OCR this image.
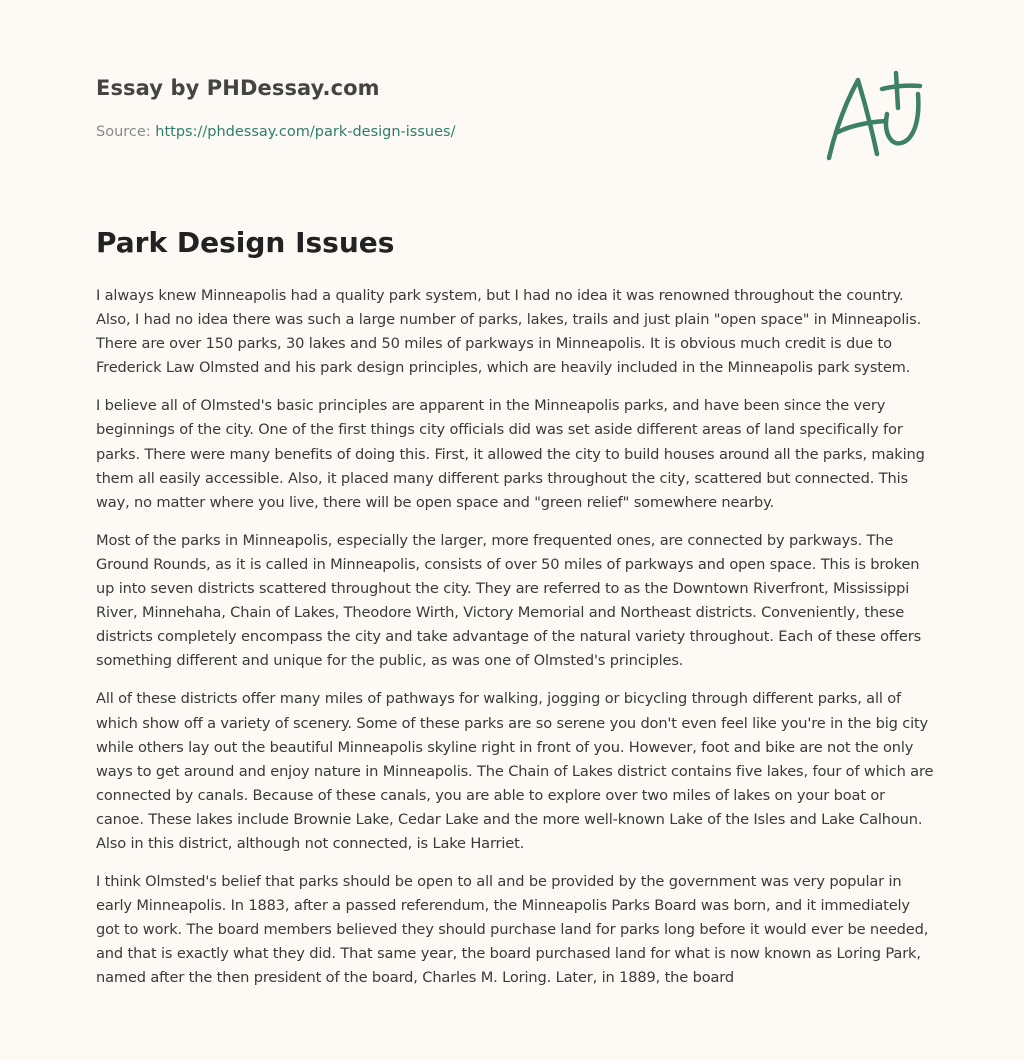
Essay by PHDessay.com
Source: https://phdessay.com/park-design-issues/
Park Design Issues

I always knew Minneapolis had a quality park system, but I had no idea it was renowned throughout the country. Also, I had no idea there was such a large number of parks, lakes, trails and just plain "open space" in Minneapolis. There are over 150 parks, 30 lakes and 50 miles of parkways in Minneapolis. It is obvious much credit is due to Frederick Law Olmsted and his park design principles, which are heavily included in the Minneapolis park system.

I believe all of Olmsted's basic principles are apparent in the Minneapolis parks, and have been since the very beginnings of the city. One of the first things city officials did was set aside different areas of land specifically for parks. There were many benefits of doing this. First, it allowed the city to build houses around all the parks, making them all easily accessible. Also, it placed many different parks throughout the city, scattered but connected. This way, no matter where you live, there will be open space and "green relief" somewhere nearby.

Most of the parks in Minneapolis, especially the larger, more frequented ones, are connected by parkways. The Ground Rounds, as it is called in Minneapolis, consists of over 50 miles of parkways and open space. This is broken up into seven districts scattered throughout the city. They are referred to as the Downtown Riverfront, Mississippi River, Minnehaha, Chain of Lakes, Theodore Wirth, Victory Memorial and Northeast districts. Conveniently, these districts completely encompass the city and take advantage of the natural variety throughout. Each of these offers something different and unique for the public, as was one of Olmsted's principles.

All of these districts offer many miles of pathways for walking, jogging or bicycling through different parks, all of which show off a variety of scenery. Some of these parks are so serene you don't even feel like you're in the big city while others lay out the beautiful Minneapolis skyline right in front of you. However, foot and bike are not the only ways to get around and enjoy nature in Minneapolis. The Chain of Lakes district contains five lakes, four of which are connected by canals. Because of these canals, you are able to explore over two miles of lakes on your boat or canoe. These lakes include Brownie Lake, Cedar Lake and the more well-known Lake of the Isles and Lake Calhoun. Also in this district, although not connected, is Lake Harriet.

I think Olmsted's belief that parks should be open to all and be provided by the government was very popular in early Minneapolis. In 1883, after a passed referendum, the Minneapolis Parks Board was born, and it immediately got to work. The board members believed they should purchase land for parks long before it would ever be needed, and that is exactly what they did. That same year, the board purchased land for what is now known as Loring Park, named after the then president of the board, Charles M. Loring. Later, in 1889, the board
